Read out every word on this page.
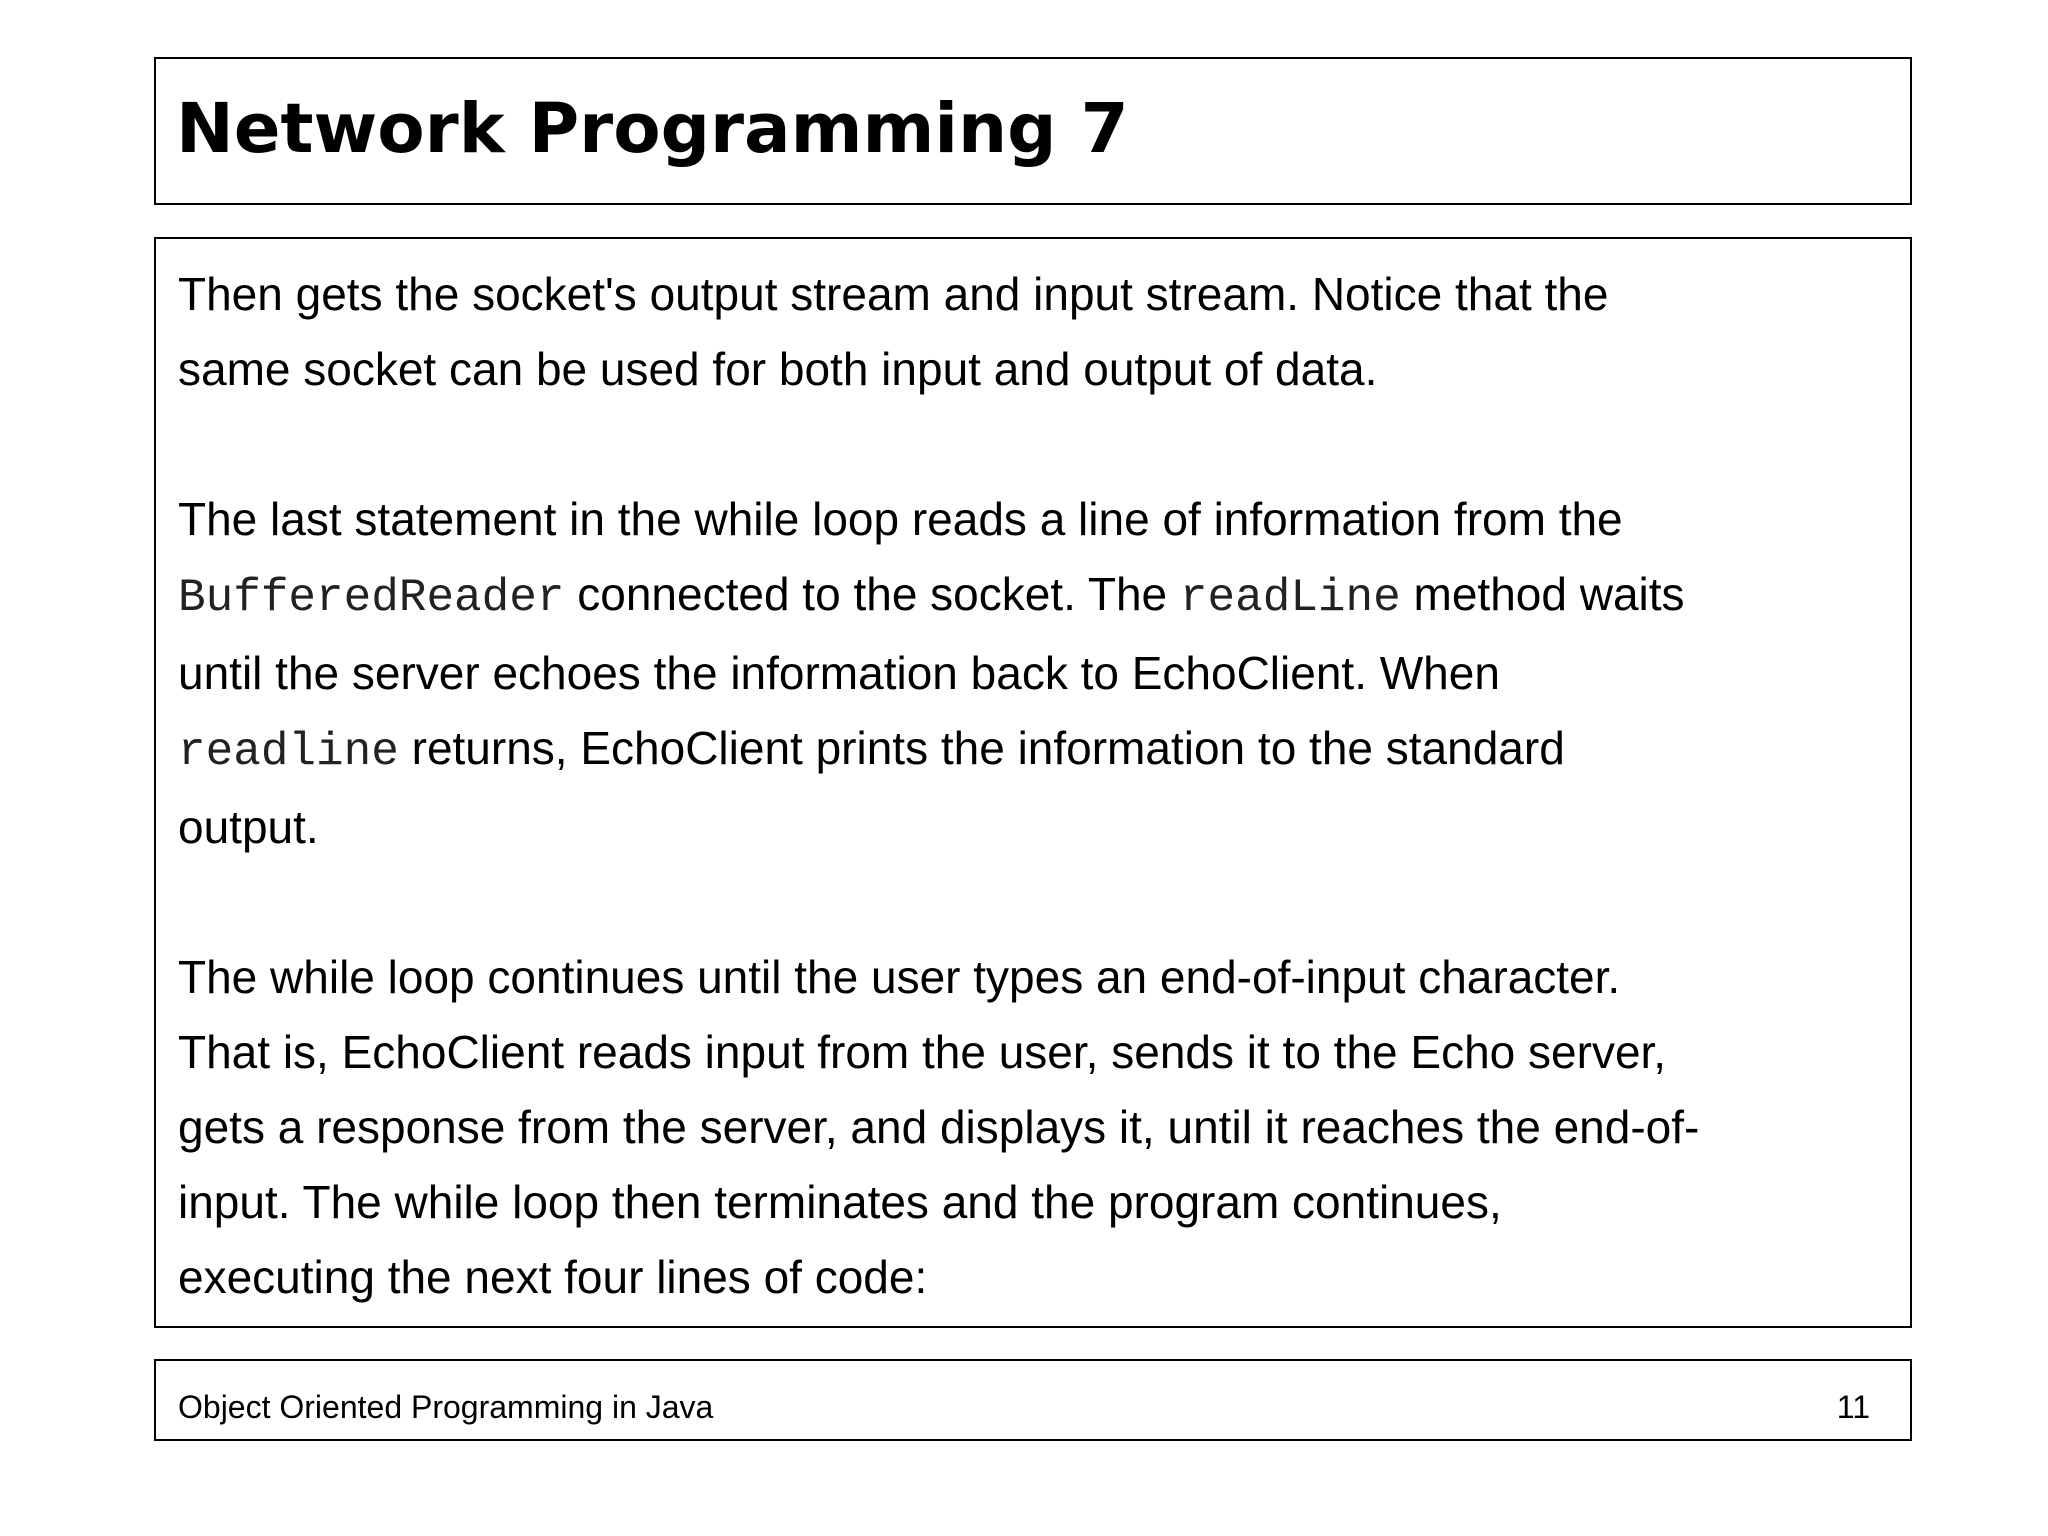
Network Programming 7

Then gets the socket's output stream and input stream. Notice that the

same socket can be used for both input and output of data.

The last statement in the while loop reads a line of information from the

BufferedReader connected to the socket. The readLine method waits

until the server echoes the information back to EchoClient. When

readline returns, EchoClient prints the information to the standard

output.

The while loop continues until the user types an end-of-input character.

That is, EchoClient reads input from the user, sends it to the Echo server,

gets a response from the server, and displays it, until it reaches the end-of-

input. The while loop then terminates and the program continues,

executing the next four lines of code:

Object Oriented Programming in Java	11
